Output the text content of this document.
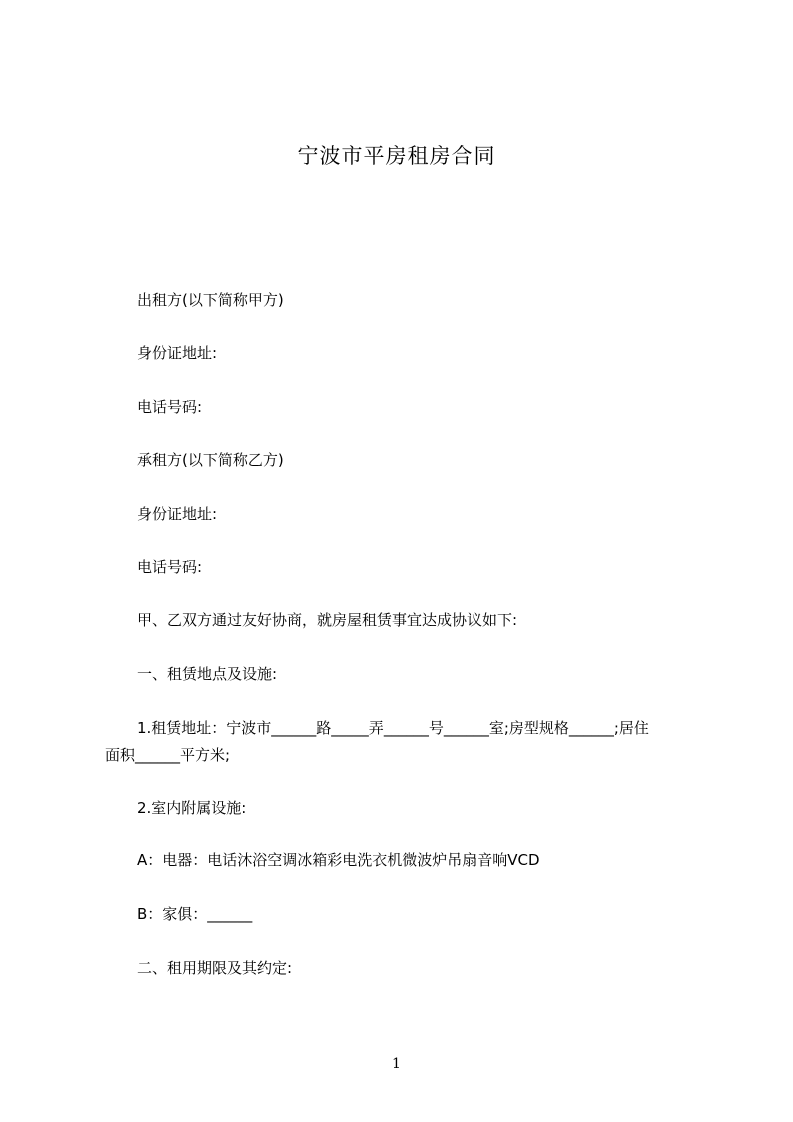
宁波市平房租房合同
出租方(以下简称甲方)
身份证地址:
电话号码:
承租方(以下简称乙方)
身份证地址:
电话号码:
甲、乙双方通过友好协商，就房屋租赁事宜达成协议如下:
一、租赁地点及设施:
1.租赁地址：宁波市______路_____弄______号______室;房型规格______;居住
面积______平方米;
2.室内附属设施:
A：电器：电话沐浴空调冰箱彩电洗衣机微波炉吊扇音响VCD
B：家俱：______
二、租用期限及其约定:
1
